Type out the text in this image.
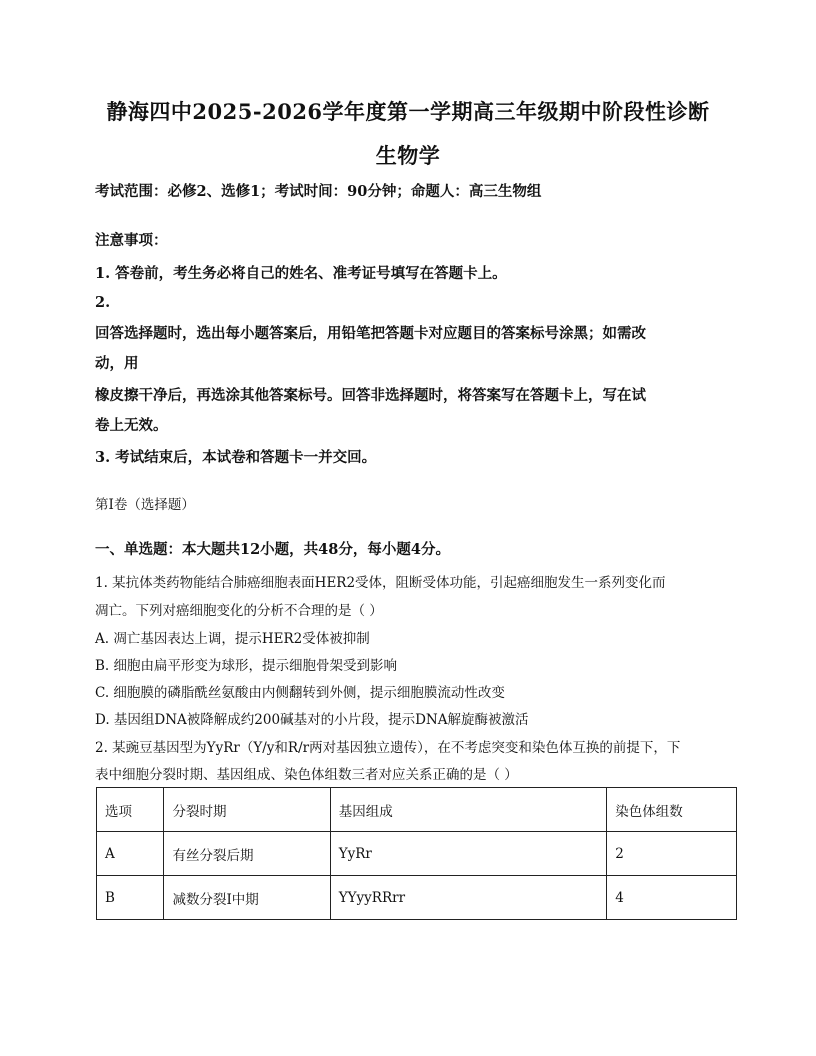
静海四中2025-2026学年度第一学期高三年级期中阶段性诊断
生物学
考试范围：必修2、选修1；考试时间：90分钟；命题人：高三生物组
注意事项：
1. 答卷前，考生务必将自己的姓名、准考证号填写在答题卡上。
2.
回答选择题时，选出每小题答案后，用铅笔把答题卡对应题目的答案标号涂黑；如需改
动，用
橡皮擦干净后，再选涂其他答案标号。回答非选择题时，将答案写在答题卡上，写在试
卷上无效。
3. 考试结束后，本试卷和答题卡一并交回。
第I卷（选择题）
一、单选题：本大题共12小题，共48分，每小题4分。
1. 某抗体类药物能结合肺癌细胞表面HER2受体，阻断受体功能，引起癌细胞发生一系列变化而
凋亡。下列对癌细胞变化的分析不合理的是（ ）
A. 凋亡基因表达上调，提示HER2受体被抑制
B. 细胞由扁平形变为球形，提示细胞骨架受到影响
C. 细胞膜的磷脂酰丝氨酸由内侧翻转到外侧，提示细胞膜流动性改变
D. 基因组DNA被降解成约200碱基对的小片段，提示DNA解旋酶被激活
2. 某豌豆基因型为YyRr（Y/y和R/r两对基因独立遗传），在不考虑突变和染色体互换的前提下，下
表中细胞分裂时期、基因组成、染色体组数三者对应关系正确的是（ ）
选项	分裂时期	基因组成	染色体组数
A	有丝分裂后期	YyRr	2
B	减数分裂I中期	YYyyRRrr	4
